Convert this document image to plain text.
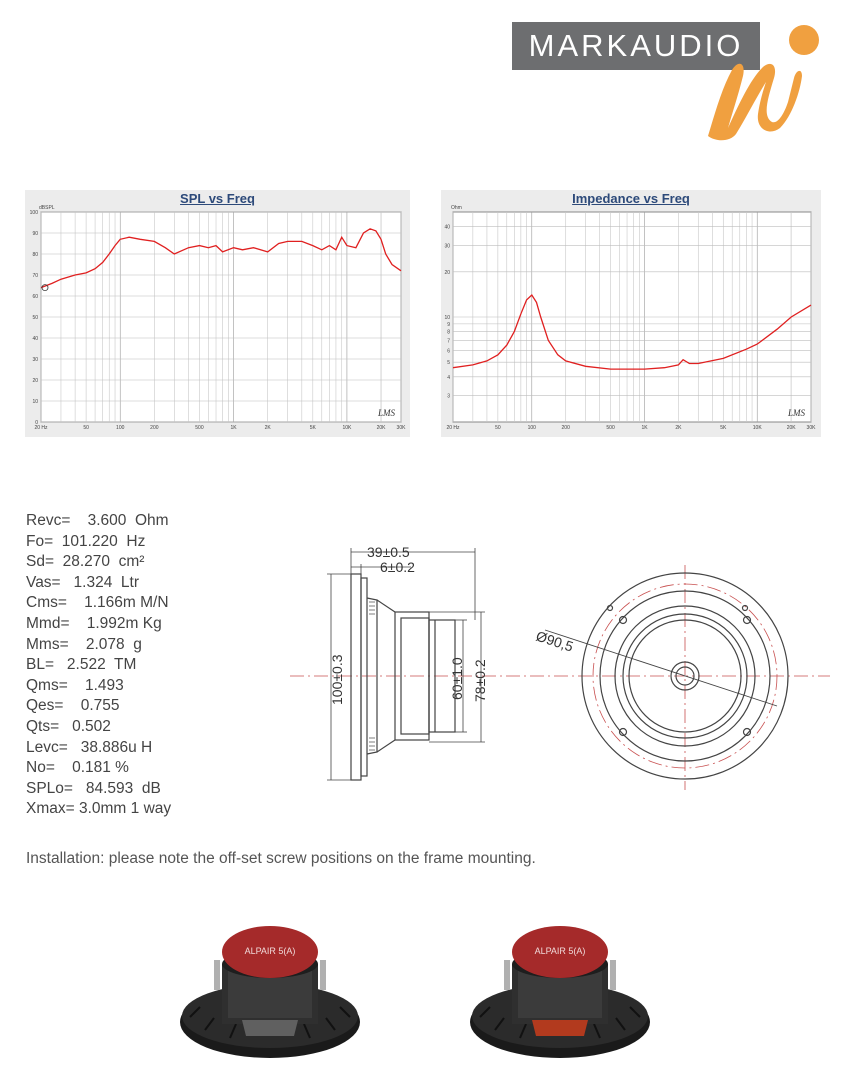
MARKAUDIO
SPL vs Freq
0
10
20
30
40
50
60
70
80
90
100
20 Hz	50	100	200	500	1K	2K	5K	10K	20K 30K
dBSPL
LMS
Impedance vs Freq
3
4
5
6
7
8
9
10
20
30
40
20 Hz	50	100	200	500	1K	2K	5K	10K	20K 30K
Ohm
LMS
Revc=    3.600  Ohm
Fo=  101.220  Hz
Sd=  28.270  cm²
Vas=   1.324  Ltr
Cms=    1.166m M/N
Mmd=    1.992m Kg
Mms=    2.078  g
BL=   2.522  TM
Qms=    1.493
Qes=    0.755
Qts=   0.502
Levc=   38.886u H
No=    0.181 %
SPLo=   84.593  dB
Xmax= 3.0mm 1 way
39±0.5
6±0.2
100±0.3	60±1.0 78±0.2
Ø90,5
Installation: please note the off-set screw positions on the frame mounting.
ALPAIR 5(A)	ALPAIR 5(A)
